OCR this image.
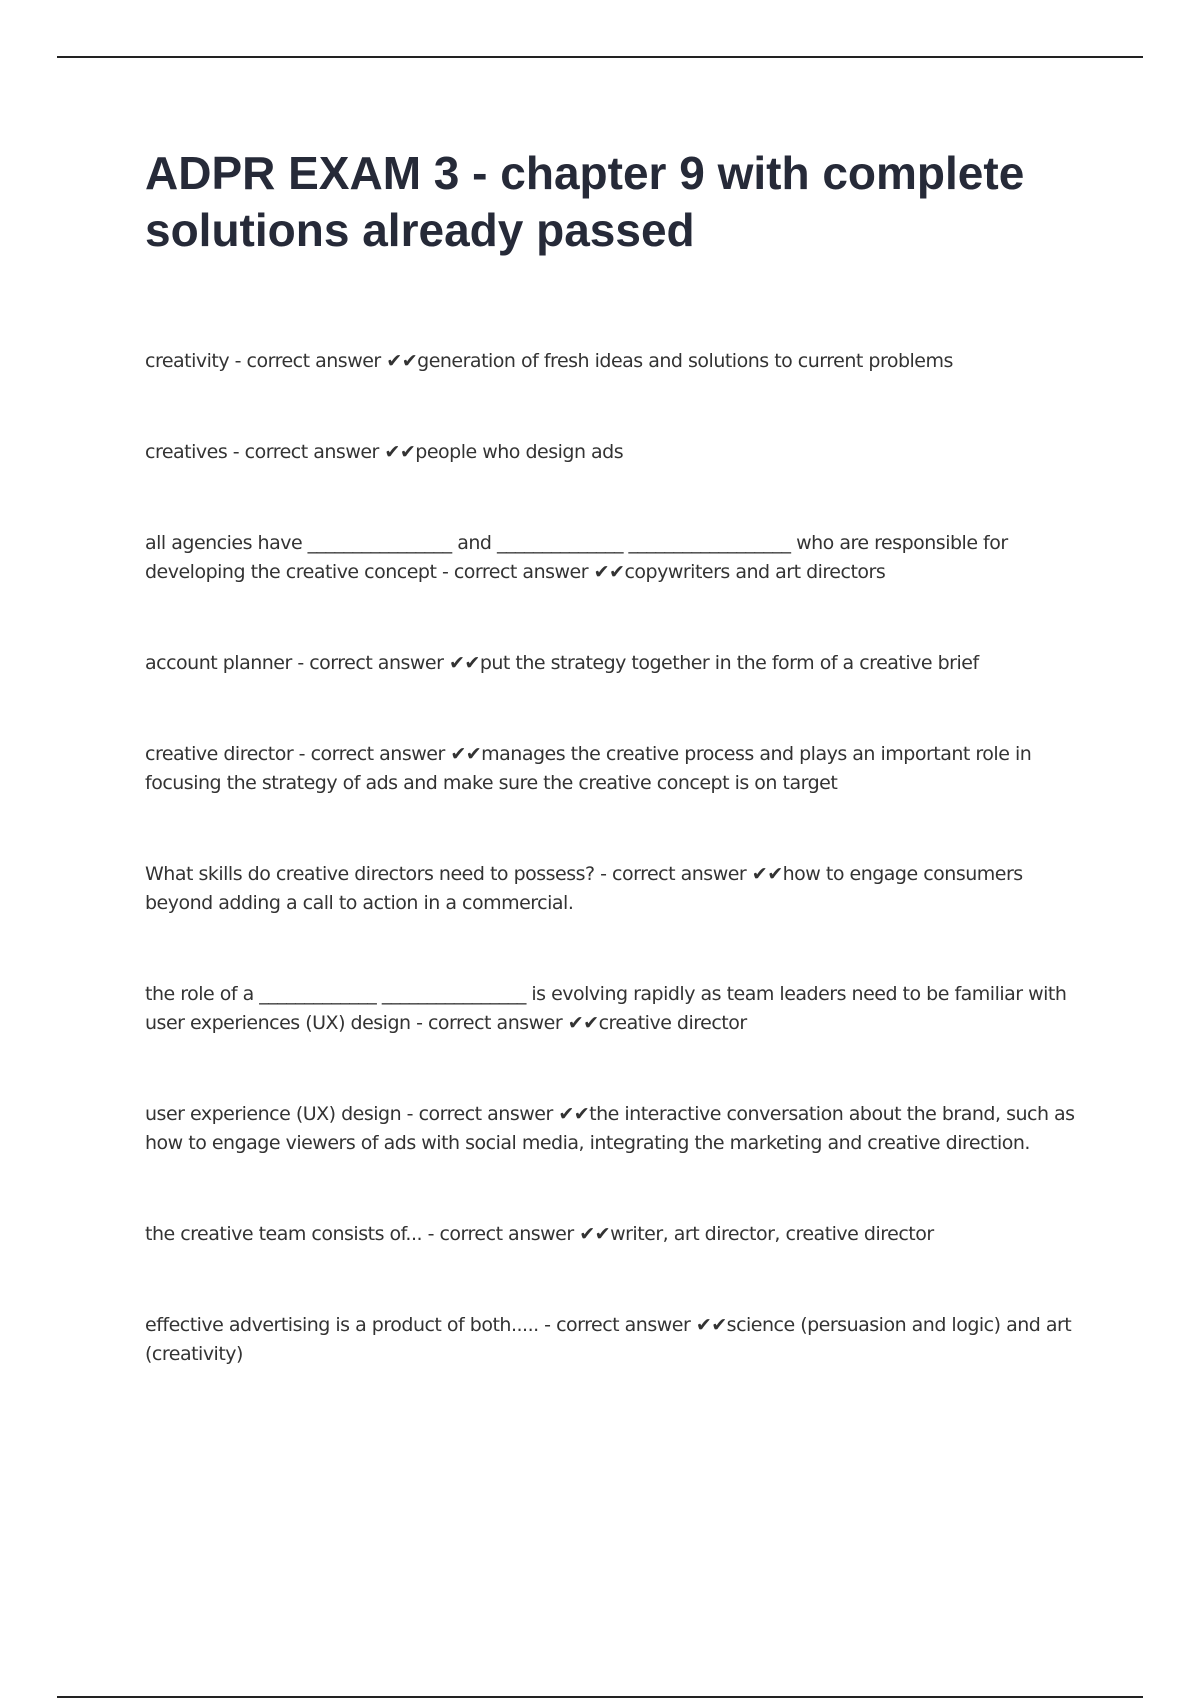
ADPR EXAM 3 - chapter 9 with complete solutions already passed
creativity - correct answer ✔✔generation of fresh ideas and solutions to current problems
creatives - correct answer ✔✔people who design ads
all agencies have ________________ and ______________ __________________ who are responsible for developing the creative concept - correct answer ✔✔copywriters and art directors
account planner - correct answer ✔✔put the strategy together in the form of a creative brief
creative director - correct answer ✔✔manages the creative process and plays an important role in focusing the strategy of ads and make sure the creative concept is on target
What skills do creative directors need to possess? - correct answer ✔✔how to engage consumers beyond adding a call to action in a commercial.
the role of a _____________ ________________ is evolving rapidly as team leaders need to be familiar with user experiences (UX) design - correct answer ✔✔creative director
user experience (UX) design - correct answer ✔✔the interactive conversation about the brand, such as how to engage viewers of ads with social media, integrating the marketing and creative direction.
the creative team consists of... - correct answer ✔✔writer, art director, creative director
effective advertising is a product of both..... - correct answer ✔✔science (persuasion and logic) and art (creativity)
